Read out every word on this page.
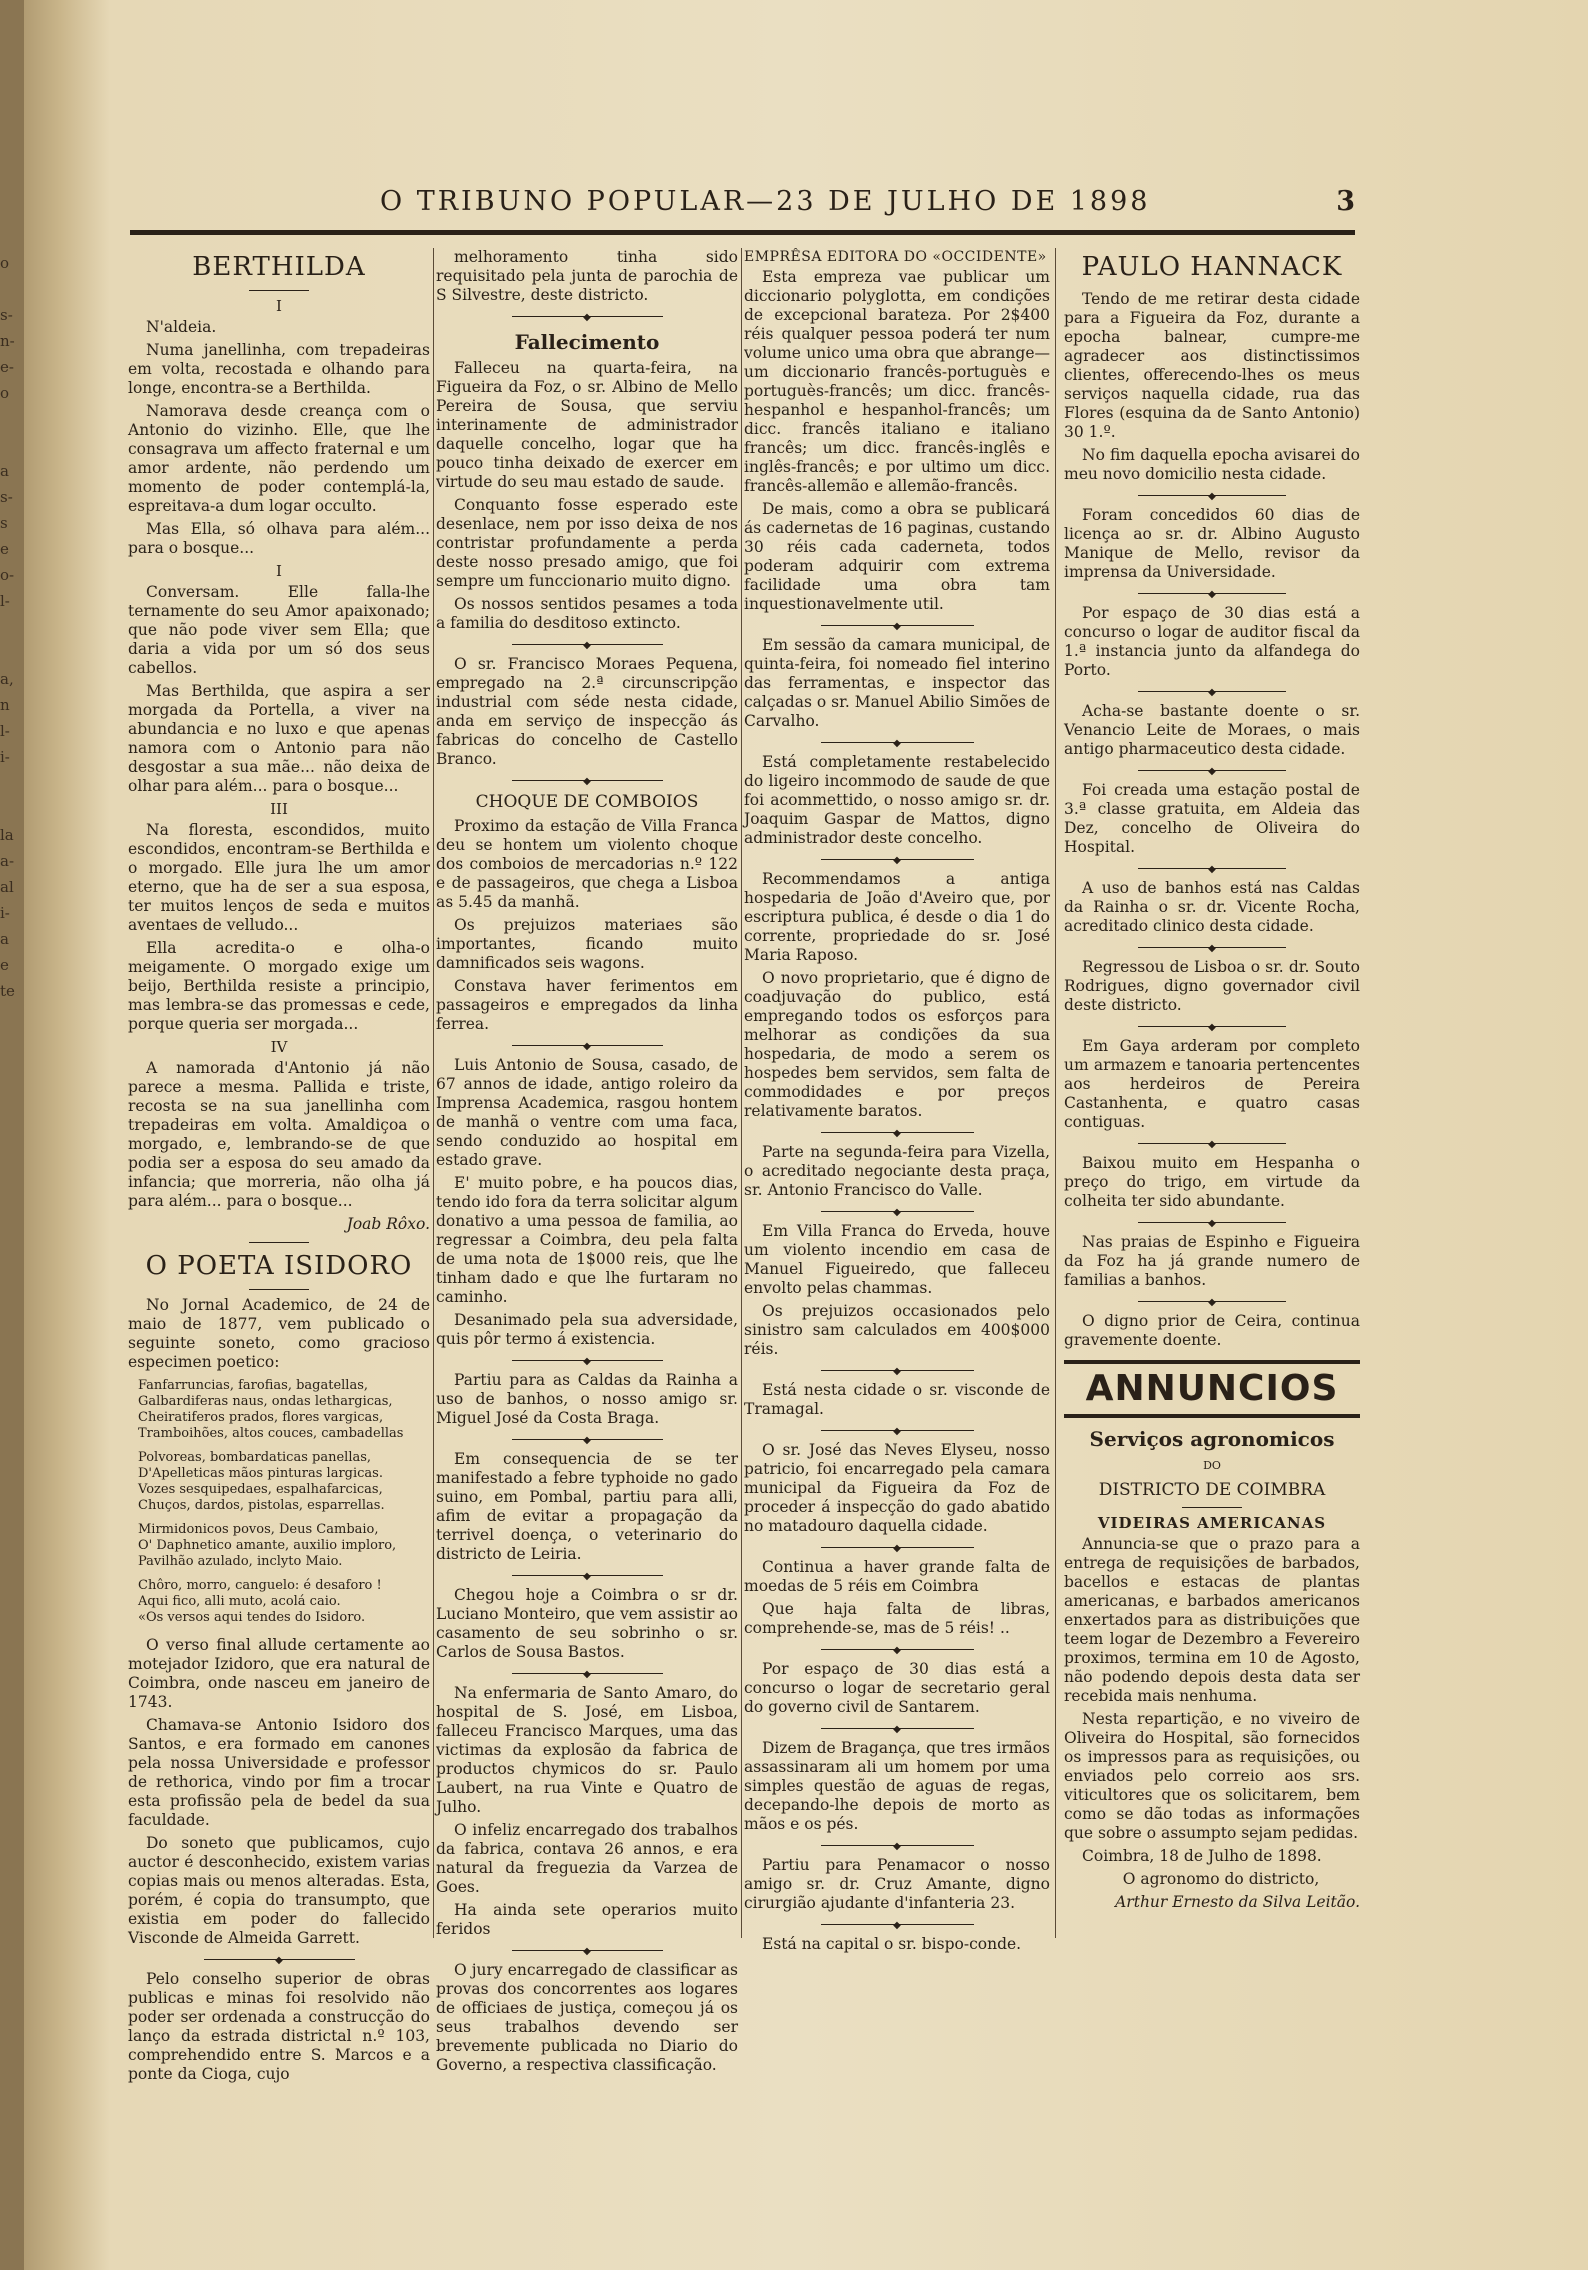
o

s-
n-
e-
o

a
s-
s
e
o-
l-

a,
n
l-
i-

la
a-
al
i-
a
e
te
O TRIBUNO POPULAR—23 DE JULHO DE 1898	3
BERTHILDA
I

N'aldeia.

Numa janellinha, com trepadeiras em volta, recostada e olhando para longe, encontra-se a Berthilda.

Namorava desde creança com o Antonio do vizinho. Elle, que lhe consagrava um affecto fraternal e um amor ardente, não perdendo um momento de poder contemplá-la, espreitava-a dum logar occulto.

Mas Ella, só olhava para além... para o bosque...

I

Conversam. Elle falla-lhe ternamente do seu Amor apaixonado; que não pode viver sem Ella; que daria a vida por um só dos seus cabellos.

Mas Berthilda, que aspira a ser morgada da Portella, a viver na abundancia e no luxo e que apenas namora com o Antonio para não desgostar a sua mãe... não deixa de olhar para além... para o bosque...

III

Na floresta, escondidos, muito escondidos, encontram-se Berthilda e o morgado. Elle jura lhe um amor eterno, que ha de ser a sua esposa, ter muitos lenços de seda e muitos aventaes de velludo...

Ella acredita-o e olha-o meigamente. O morgado exige um beijo, Berthilda resiste a principio, mas lembra-se das promessas e cede, porque queria ser morgada...

IV

A namorada d'Antonio já não parece a mesma. Pallida e triste, recosta se na sua janellinha com trepadeiras em volta. Amaldiçoa o morgado, e, lembrando-se de que podia ser a esposa do seu amado da infancia; que morreria, não olha já para além... para o bosque...

Joab Rôxo.
O POETA ISIDORO

No Jornal Academico, de 24 de maio de 1877, vem publicado o seguinte soneto, como gracioso especimen poetico:

Fanfarruncias, farofias, bagatellas,
Galbardiferas naus, ondas lethargicas,
Cheiratiferos prados, flores vargicas,
Tramboihões, altos couces, cambadellas
Polvoreas, bombardaticas panellas,
D'Apelleticas mãos pinturas largicas.
Vozes sesquipedaes, espalhafarcicas,
Chuços, dardos, pistolas, esparrellas.
Mirmidonicos povos, Deus Cambaio,
O' Daphnetico amante, auxilio imploro,
Pavilhão azulado, inclyto Maio.
Chôro, morro, canguelo: é desaforo !
Aqui fico, alli muto, acolá caio.
«Os versos aqui tendes do Isidoro.

O verso final allude certamente ao motejador Izidoro, que era natural de Coimbra, onde nasceu em janeiro de 1743.

Chamava-se Antonio Isidoro dos Santos, e era formado em canones pela nossa Universidade e professor de rethorica, vindo por fim a trocar esta profissão pela de bedel da sua faculdade.

Do soneto que publicamos, cujo auctor é desconhecido, existem varias copias mais ou menos alteradas. Esta, porém, é copia do transumpto, que existia em poder do fallecido Visconde de Almeida Garrett.

◆

Pelo conselho superior de obras publicas e minas foi resolvido não poder ser ordenada a construcção do lanço da estrada districtal n.º 103, comprehendido entre S. Marcos e a ponte da Cioga, cujo

melhoramento tinha sido requisitado pela junta de parochia de S Silvestre, deste districto.

◆
Fallecimento

Falleceu na quarta-feira, na Figueira da Foz, o sr. Albino de Mello Pereira de Sousa, que serviu interinamente de administrador daquelle concelho, logar que ha pouco tinha deixado de exercer em virtude do seu mau estado de saude.

Conquanto fosse esperado este desenlace, nem por isso deixa de nos contristar profundamente a perda deste nosso presado amigo, que foi sempre um funccionario muito digno.

Os nossos sentidos pesames a toda a familia do desditoso extincto.

◆

O sr. Francisco Moraes Pequena, empregado na 2.ª circunscripção industrial com séde nesta cidade, anda em serviço de inspecção ás fabricas do concelho de Castello Branco.

◆
CHOQUE DE COMBOIOS

Proximo da estação de Villa Franca deu se hontem um violento choque dos comboios de mercadorias n.º 122 e de passageiros, que chega a Lisboa as 5.45 da manhã.

Os prejuizos materiaes são importantes, ficando muito damnificados seis wagons.

Constava haver ferimentos em passageiros e empregados da linha ferrea.

◆

Luis Antonio de Sousa, casado, de 67 annos de idade, antigo roleiro da Imprensa Academica, rasgou hontem de manhã o ventre com uma faca, sendo conduzido ao hospital em estado grave.

E' muito pobre, e ha poucos dias, tendo ido fora da terra solicitar algum donativo a uma pessoa de familia, ao regressar a Coimbra, deu pela falta de uma nota de 1$000 reis, que lhe tinham dado e que lhe furtaram no caminho.

Desanimado pela sua adversidade, quis pôr termo á existencia.

◆

Partiu para as Caldas da Rainha a uso de banhos, o nosso amigo sr. Miguel José da Costa Braga.

◆

Em consequencia de se ter manifestado a febre typhoide no gado suino, em Pombal, partiu para alli, afim de evitar a propagação da terrivel doença, o veterinario do districto de Leiria.

◆

Chegou hoje a Coimbra o sr dr. Luciano Monteiro, que vem assistir ao casamento de seu sobrinho o sr. Carlos de Sousa Bastos.

◆

Na enfermaria de Santo Amaro, do hospital de S. José, em Lisboa, falleceu Francisco Marques, uma das victimas da explosão da fabrica de productos chymicos do sr. Paulo Laubert, na rua Vinte e Quatro de Julho.

O infeliz encarregado dos trabalhos da fabrica, contava 26 annos, e era natural da freguezia da Varzea de Goes.

Ha ainda sete operarios muito feridos

◆

O jury encarregado de classificar as provas dos concorrentes aos logares de officiaes de justiça, começou já os seus trabalhos devendo ser brevemente publicada no Diario do Governo, a respectiva classificação.

EMPRÊSA EDITORA DO «OCCIDENTE»

Esta empreza vae publicar um diccionario polyglotta, em condições de excepcional barateza. Por 2$400 réis qualquer pessoa poderá ter num volume unico uma obra que abrange—um diccionario francês-portuguès e portuguès-francês; um dicc. francês-hespanhol e hespanhol-francês; um dicc. francês italiano e italiano francês; um dicc. francês-inglês e inglês-francês; e por ultimo um dicc. francês-allemão e allemão-francês.

De mais, como a obra se publicará ás cadernetas de 16 paginas, custando 30 réis cada caderneta, todos poderam adquirir com extrema facilidade uma obra tam inquestionavelmente util.

◆

Em sessão da camara municipal, de quinta-feira, foi nomeado fiel interino das ferramentas, e inspector das calçadas o sr. Manuel Abilio Simões de Carvalho.

◆

Está completamente restabelecido do ligeiro incommodo de saude de que foi acommettido, o nosso amigo sr. dr. Joaquim Gaspar de Mattos, digno administrador deste concelho.

◆

Recommendamos a antiga hospedaria de João d'Aveiro que, por escriptura publica, é desde o dia 1 do corrente, propriedade do sr. José Maria Raposo.

O novo proprietario, que é digno de coadjuvação do publico, está empregando todos os esforços para melhorar as condições da sua hospedaria, de modo a serem os hospedes bem servidos, sem falta de commodidades e por preços relativamente baratos.

◆

Parte na segunda-feira para Vizella, o acreditado negociante desta praça, sr. Antonio Francisco do Valle.

◆

Em Villa Franca do Erveda, houve um violento incendio em casa de Manuel Figueiredo, que falleceu envolto pelas chammas.

Os prejuizos occasionados pelo sinistro sam calculados em 400$000 réis.

◆

Está nesta cidade o sr. visconde de Tramagal.

◆

O sr. José das Neves Elyseu, nosso patricio, foi encarregado pela camara municipal da Figueira da Foz de proceder á inspecção do gado abatido no matadouro daquella cidade.

◆

Continua a haver grande falta de moedas de 5 réis em Coimbra

Que haja falta de libras, comprehende-se, mas de 5 réis! ..

◆

Por espaço de 30 dias está a concurso o logar de secretario geral do governo civil de Santarem.

◆

Dizem de Bragança, que tres irmãos assassinaram ali um homem por uma simples questão de aguas de regas, decepando-lhe depois de morto as mãos e os pés.

◆

Partiu para Penamacor o nosso amigo sr. dr. Cruz Amante, digno cirurgião ajudante d'infanteria 23.

◆

Está na capital o sr. bispo-conde.

PAULO HANNACK

Tendo de me retirar desta cidade para a Figueira da Foz, durante a epocha balnear, cumpre-me agradecer aos distinctissimos clientes, offerecendo-lhes os meus serviços naquella cidade, rua das Flores (esquina da de Santo Antonio) 30 1.º.

No fim daquella epocha avisarei do meu novo domicilio nesta cidade.

◆

Foram concedidos 60 dias de licença ao sr. dr. Albino Augusto Manique de Mello, revisor da imprensa da Universidade.

◆

Por espaço de 30 dias está a concurso o logar de auditor fiscal da 1.ª instancia junto da alfandega do Porto.

◆

Acha-se bastante doente o sr. Venancio Leite de Moraes, o mais antigo pharmaceutico desta cidade.

◆

Foi creada uma estação postal de 3.ª classe gratuita, em Aldeia das Dez, concelho de Oliveira do Hospital.

◆

A uso de banhos está nas Caldas da Rainha o sr. dr. Vicente Rocha, acreditado clinico desta cidade.

◆

Regressou de Lisboa o sr. dr. Souto Rodrigues, digno governador civil deste districto.

◆

Em Gaya arderam por completo um armazem e tanoaria pertencentes aos herdeiros de Pereira Castanhenta, e quatro casas contiguas.

◆

Baixou muito em Hespanha o preço do trigo, em virtude da colheita ter sido abundante.

◆

Nas praias de Espinho e Figueira da Foz ha já grande numero de familias a banhos.

◆

O digno prior de Ceira, continua gravemente doente.

ANNUNCIOS
Serviços agronomicos
DO
DISTRICTO DE COIMBRA
VIDEIRAS AMERICANAS

Annuncia-se que o prazo para a entrega de requisições de barbados, bacellos e estacas de plantas americanas, e barbados americanos enxertados para as distribuições que teem logar de Dezembro a Fevereiro proximos, termina em 10 de Agosto, não podendo depois desta data ser recebida mais nenhuma.

Nesta repartição, e no viveiro de Oliveira do Hospital, são fornecidos os impressos para as requisições, ou enviados pelo correio aos srs. viticultores que os solicitarem, bem como se dão todas as informações que sobre o assumpto sejam pedidas.

Coimbra, 18 de Julho de 1898.

O agronomo do districto,

Arthur Ernesto da Silva Leitão.
